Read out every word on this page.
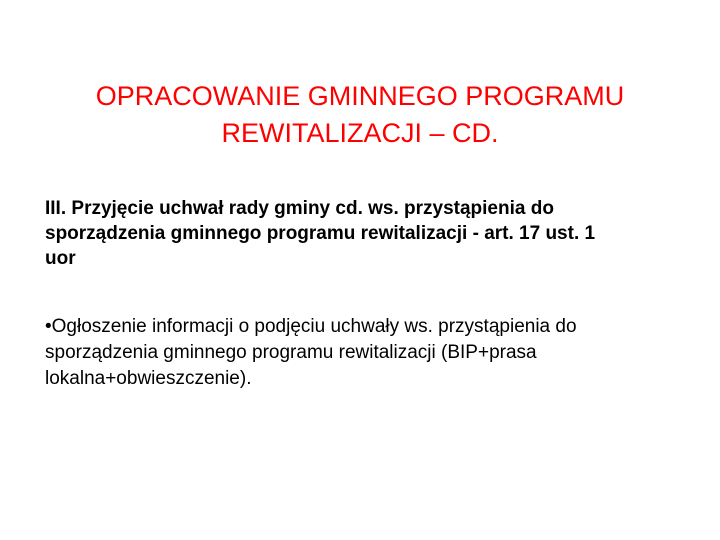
OPRACOWANIE GMINNEGO PROGRAMU
REWITALIZACJI – CD.

III. Przyjęcie uchwał rady gminy cd. ws. przystąpienia do
sporządzenia gminnego programu rewitalizacji - art. 17 ust. 1
uor

•Ogłoszenie informacji o podjęciu uchwały ws. przystąpienia do
sporządzenia gminnego programu rewitalizacji (BIP+prasa
lokalna+obwieszczenie).
